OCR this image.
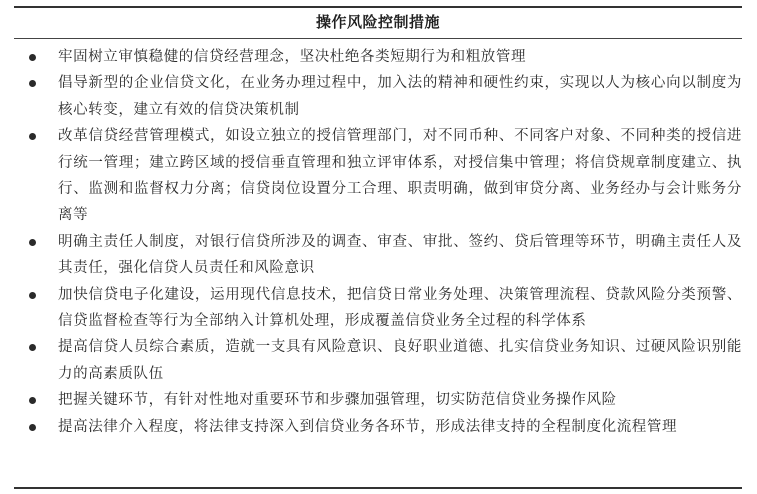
操作风险控制措施
牢固树立审慎稳健的信贷经营理念，坚决杜绝各类短期行为和粗放管理
倡导新型的企业信贷文化，在业务办理过程中，加入法的精神和硬性约束，实现以人为核心向以制度为核心转变，建立有效的信贷决策机制
改革信贷经营管理模式，如设立独立的授信管理部门，对不同币种、不同客户对象、不同种类的授信进行统一管理；建立跨区域的授信垂直管理和独立评审体系，对授信集中管理；将信贷规章制度建立、执行、监测和监督权力分离；信贷岗位设置分工合理、职责明确，做到审贷分离、业务经办与会计账务分离等
明确主责任人制度，对银行信贷所涉及的调查、审查、审批、签约、贷后管理等环节，明确主责任人及其责任，强化信贷人员责任和风险意识
加快信贷电子化建设，运用现代信息技术，把信贷日常业务处理、决策管理流程、贷款风险分类预警、信贷监督检查等行为全部纳入计算机处理，形成覆盖信贷业务全过程的科学体系
提高信贷人员综合素质，造就一支具有风险意识、良好职业道德、扎实信贷业务知识、过硬风险识别能力的高素质队伍
把握关键环节，有针对性地对重要环节和步骤加强管理，切实防范信贷业务操作风险
提高法律介入程度，将法律支持深入到信贷业务各环节，形成法律支持的全程制度化流程管理
